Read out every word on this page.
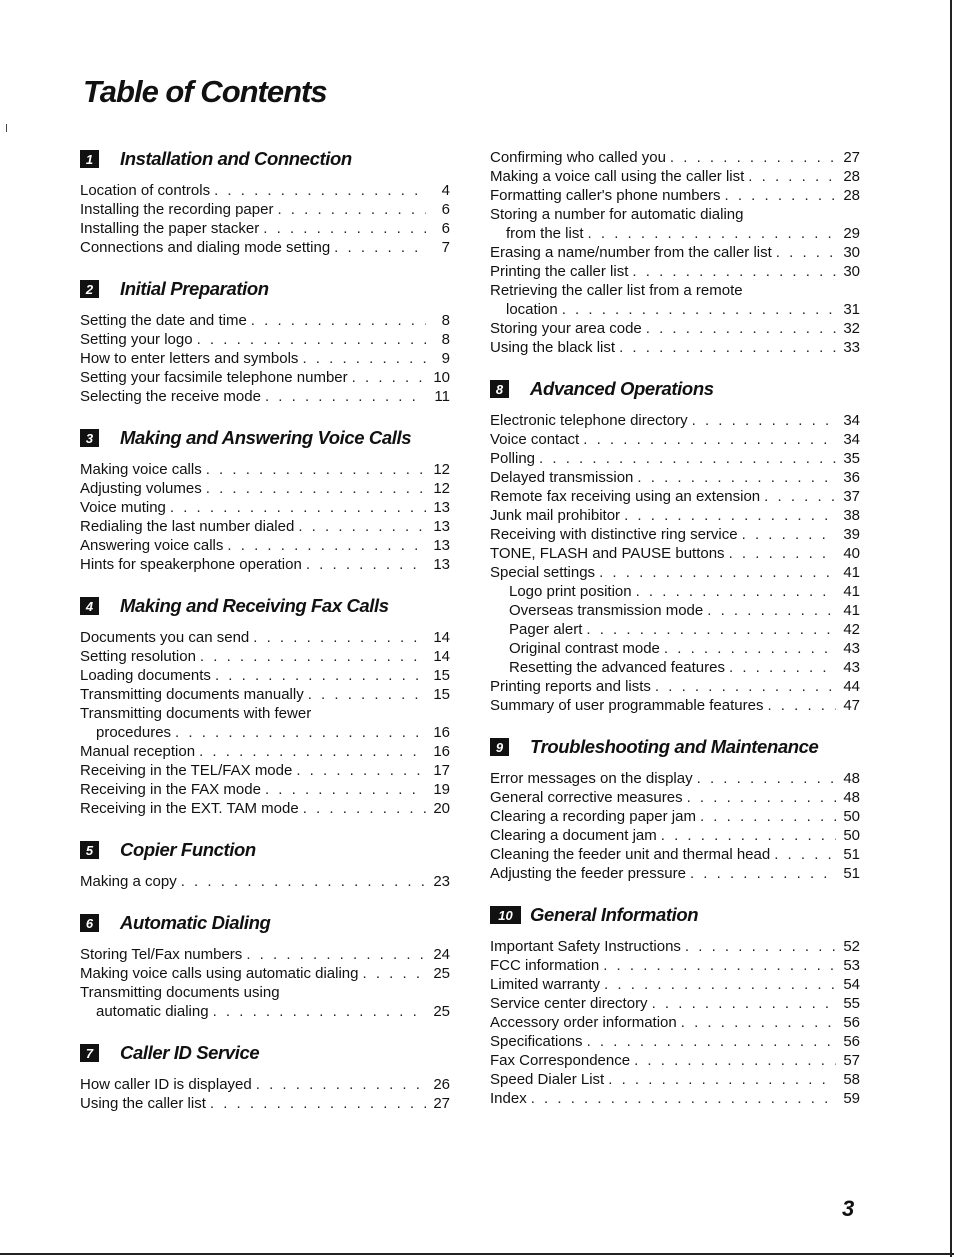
Table of Contents
1	Installation and Connection
Location of controls . . .	4
Installing the recording paper . . .	6
Installing the paper stacker . . .	6
Connections and dialing mode setting . . .	7
2	Initial Preparation
Setting the date and time . . .	8
Setting your logo . . .	8
How to enter letters and symbols . . .	9
Setting your facsimile telephone number . . .	10
Selecting the receive mode . . .	11
3	Making and Answering Voice Calls
Making voice calls . . .	12
Adjusting volumes . . .	12
Voice muting . . .	13
Redialing the last number dialed . . .	13
Answering voice calls . . .	13
Hints for speakerphone operation . . .	13
4	Making and Receiving Fax Calls
Documents you can send . . .	14
Setting resolution . . .	14
Loading documents . . .	15
Transmitting documents manually . . .	15
Transmitting documents with fewer
procedures . . .	16
Manual reception . . .	16
Receiving in the TEL/FAX mode . . .	17
Receiving in the FAX mode . . .	19
Receiving in the EXT. TAM mode . . .	20
5	Copier Function
Making a copy . . .	23
6	Automatic Dialing
Storing Tel/Fax numbers . . .	24
Making voice calls using automatic dialing . . .	25
Transmitting documents using
automatic dialing . . .	25
7	Caller ID Service
How caller ID is displayed . . .	26
Using the caller list . . .	27
Confirming who called you . . .	27
Making a voice call using the caller list . . .	28
Formatting caller's phone numbers . . .	28
Storing a number for automatic dialing
from the list . . .	29
Erasing a name/number from the caller list . . .	30
Printing the caller list . . .	30
Retrieving the caller list from a remote
location . . .	31
Storing your area code . . .	32
Using the black list . . .	33
8	Advanced Operations
Electronic telephone directory . . .	34
Voice contact . . .	34
Polling . . .	35
Delayed transmission . . .	36
Remote fax receiving using an extension . . .	37
Junk mail prohibitor . . .	38
Receiving with distinctive ring service . . .	39
TONE, FLASH and PAUSE buttons . . .	40
Special settings . . .	41
Logo print position . . .	41
Overseas transmission mode . . .	41
Pager alert . . .	42
Original contrast mode . . .	43
Resetting the advanced features . . .	43
Printing reports and lists . . .	44
Summary of user programmable features . . .	47
9	Troubleshooting and Maintenance
Error messages on the display . . .	48
General corrective measures . . .	48
Clearing a recording paper jam . . .	50
Clearing a document jam . . .	50
Cleaning the feeder unit and thermal head . . .	51
Adjusting the feeder pressure . . .	51
10 General Information
Important Safety Instructions . . .	52
FCC information . . .	53
Limited warranty . . .	54
Service center directory . . .	55
Accessory order information . . .	56
Specifications . . .	56
Fax Correspondence . . .	57
Speed Dialer List . . .	58
Index . . .	59
3
